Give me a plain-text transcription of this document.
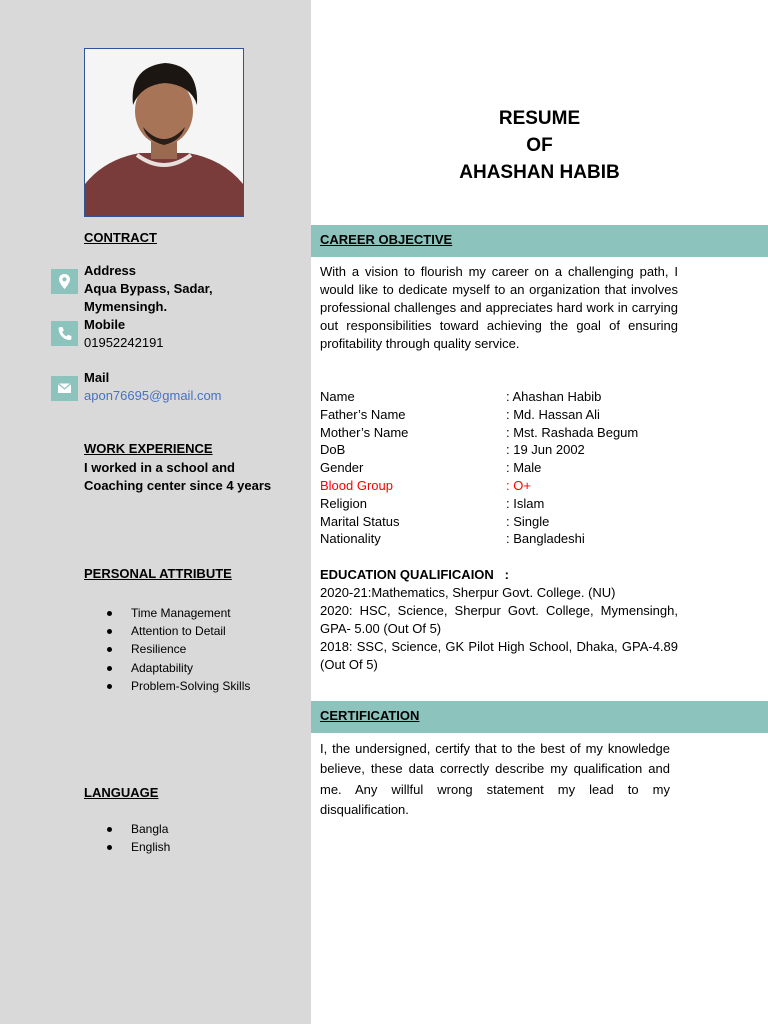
RESUME
OF
AHASHAN HABIB
CONTRACT
Address
Aqua Bypass, Sadar,
Mymensingh.
Mobile
01952242191
Mail
apon76695@gmail.com
WORK EXPERIENCE
I worked in a school and
Coaching center since 4 years
PERSONAL ATTRIBUTE
Time Management
Attention to Detail
Resilience
Adaptability
Problem-Solving Skills
LANGUAGE
Bangla
English
CAREER OBJECTIVE
With a vision to flourish my career on a challenging path, I would like to dedicate myself to an organization that involves professional challenges and appreciates hard work in carrying out responsibilities toward achieving the goal of ensuring profitability through quality service.
Name	: Ahashan Habib
Father’s Name	: Md. Hassan Ali
Mother’s Name	: Mst. Rashada Begum
DoB	: 19 Jun 2002
Gender	: Male
Blood Group	: O+
Religion	: Islam
Marital Status	: Single
Nationality	: Bangladeshi
EDUCATION QUALIFICAION   :
2020-21:Mathematics, Sherpur Govt. College. (NU)
2020: HSC, Science, Sherpur Govt. College, Mymensingh, GPA- 5.00 (Out Of 5)
2018: SSC, Science, GK Pilot High School, Dhaka, GPA-4.89 (Out Of 5)
CERTIFICATION
I, the undersigned, certify that to the best of my knowledge believe, these data correctly describe my qualification and me. Any willful wrong statement my lead to my disqualification.
